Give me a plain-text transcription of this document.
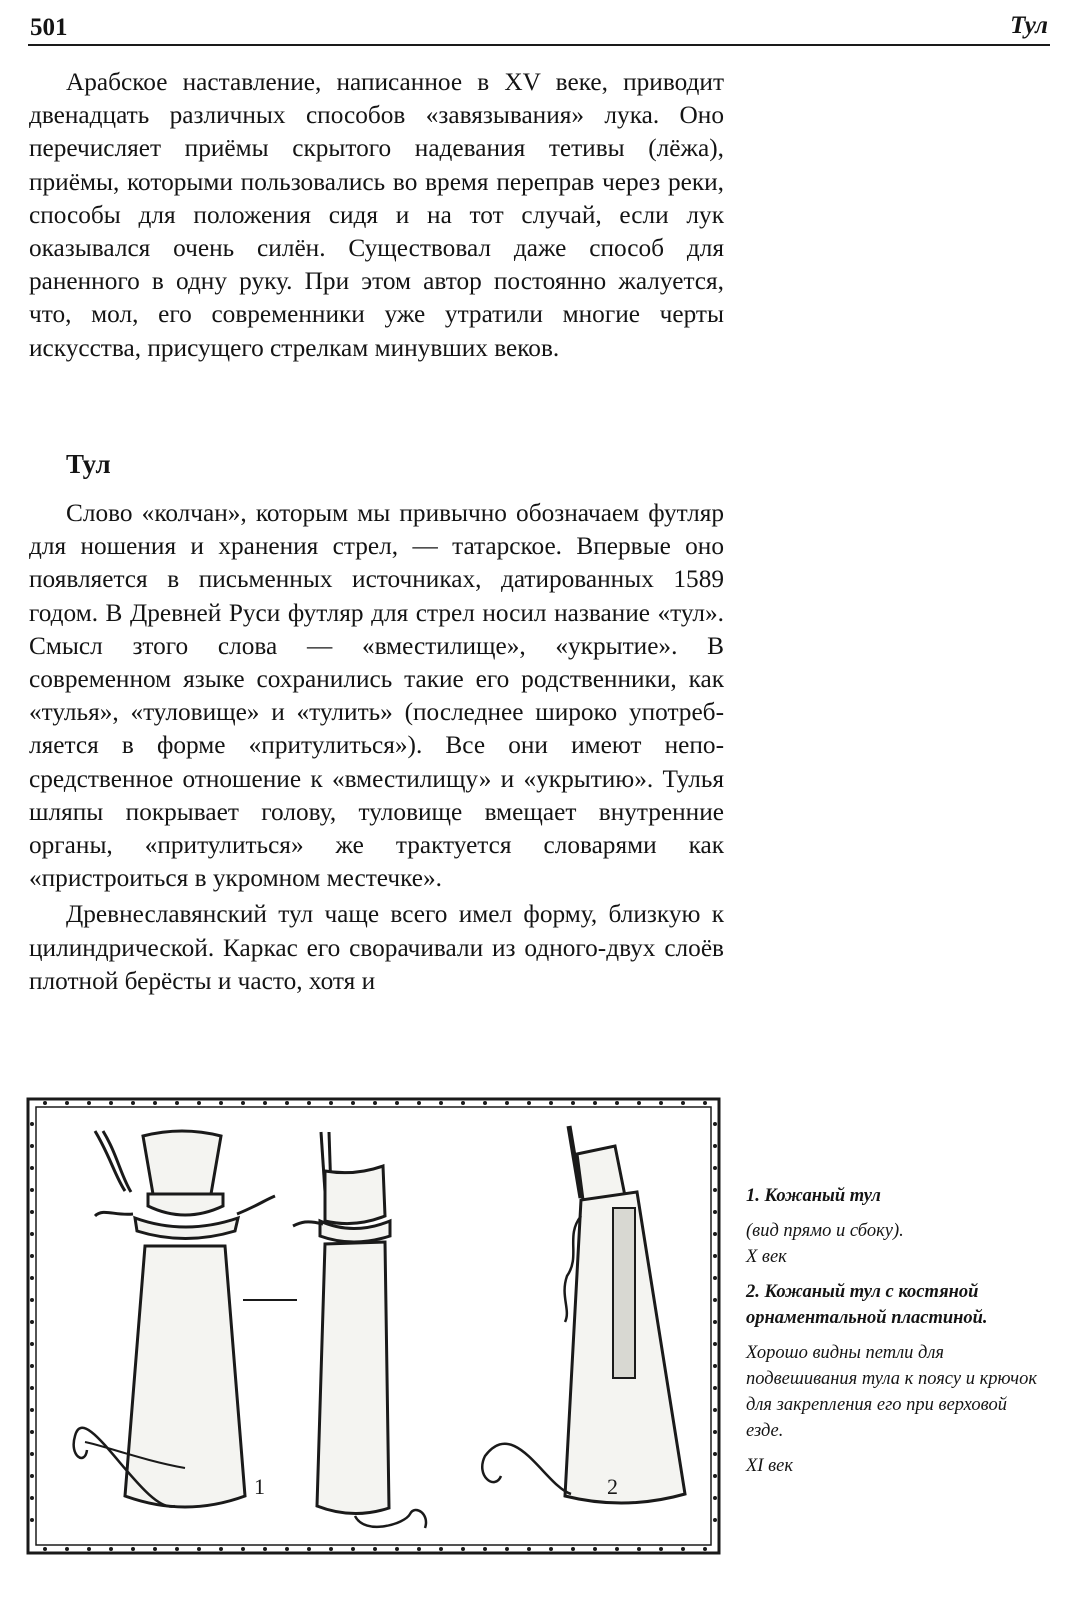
501	Тул

Арабское наставление, написанное в XV веке, приводит двенадцать различных способов «завязывания» лука. Оно перечисляет приёмы скрытого надевания тетивы (лёжа), приёмы, которыми пользовались во время переправ через реки, способы для положения сидя и на тот случай, если лук оказывался очень силён. Существовал даже способ для раненного в одну руку. При этом автор постоянно жалуется, что, мол, его современники уже утратили многие черты искусства, присущего стрелкам минувших веков.

Тул

Слово «колчан», которым мы привычно обозначаем футляр для ношения и хранения стрел, — татарское. Впервые оно появляется в письменных источниках, датированных 1589 годом. В Древней Руси футляр для стрел носил название «тул». Смысл зтого слова — «вместилище», «укрытие». В современном языке сохранились такие его родственники, как «тулья», «туловище» и «тулить» (последнее широко употребляется в форме «притулиться»). Все они имеют непосредственное отношение к «вместилищу» и «укрытию». Тулья шляпы покрывает голову, туловище вмещает внутренние органы, «притулиться» же трактуется словарями как «пристроиться в укромном местечке».

Древнеславянский тул чаще всего имел форму, близкую к цилиндрической. Каркас его сворачивали из одного-двух слоёв плотной берёсты и часто, хотя и

1	2

1. Кожаный тул

(вид прямо и сбоку).
X век

2. Кожаный тул с костяной орнаментальной пластиной.

Хорошо видны петли для подвешивания тула к поясу и крючок для закрепления его при верховой езде.

XI век
